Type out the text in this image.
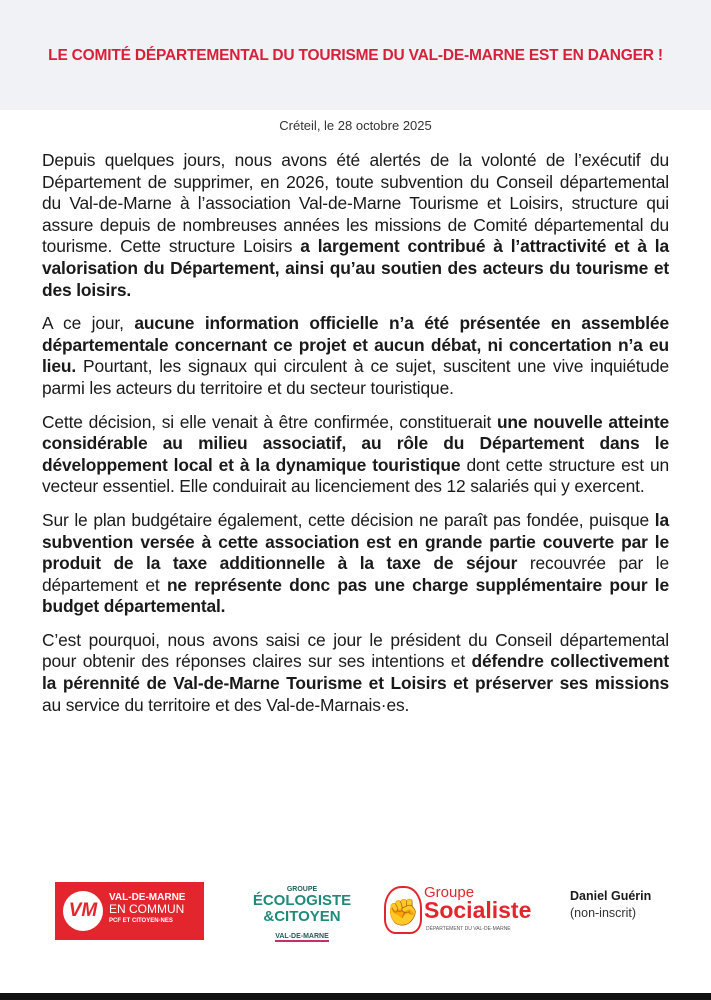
LE COMITÉ DÉPARTEMENTAL DU TOURISME DU VAL-DE-MARNE EST EN DANGER !
Créteil, le 28 octobre 2025

Depuis quelques jours, nous avons été alertés de la volonté de l’exécutif du Département de supprimer, en 2026, toute subvention du Conseil départemental du Val-de-Marne à l’association Val-de-Marne Tourisme et Loisirs, structure qui assure depuis de nombreuses années les missions de Comité départemental du tourisme. Cette structure Loisirs a largement contribué à l’attractivité et à la valorisation du Département, ainsi qu’au soutien des acteurs du tourisme et des loisirs.

A ce jour, aucune information officielle n’a été présentée en assemblée départementale concernant ce projet et aucun débat, ni concertation n’a eu lieu. Pourtant, les signaux qui circulent à ce sujet, suscitent une vive inquiétude parmi les acteurs du territoire et du secteur touristique.

Cette décision, si elle venait à être confirmée, constituerait une nouvelle atteinte considérable au milieu associatif, au rôle du Département dans le développement local et à la dynamique touristique dont cette structure est un vecteur essentiel. Elle conduirait au licenciement des 12 salariés qui y exercent.

Sur le plan budgétaire également, cette décision ne paraît pas fondée, puisque la subvention versée à cette association est en grande partie couverte par le produit de la taxe additionnelle à la taxe de séjour recouvrée par le département et ne représente donc pas une charge supplémentaire pour le budget départemental.

C’est pourquoi, nous avons saisi ce jour le président du Conseil départemental pour obtenir des réponses claires sur ses intentions et défendre collectivement la pérennité de Val-de-Marne Tourisme et Loisirs et préserver ses missions au service du territoire et des Val-de-Marnais·es.

VM
VAL-DE-MARNE
EN COMMUN
PCF ET CITOYEN·NES
GROUPE
ÉCOLOGISTE
&CITOYEN
VAL-DE-MARNE
✊
Groupe
Socialiste
DÉPARTEMENT DU VAL-DE-MARNE
Daniel Guérin
(non-inscrit)
